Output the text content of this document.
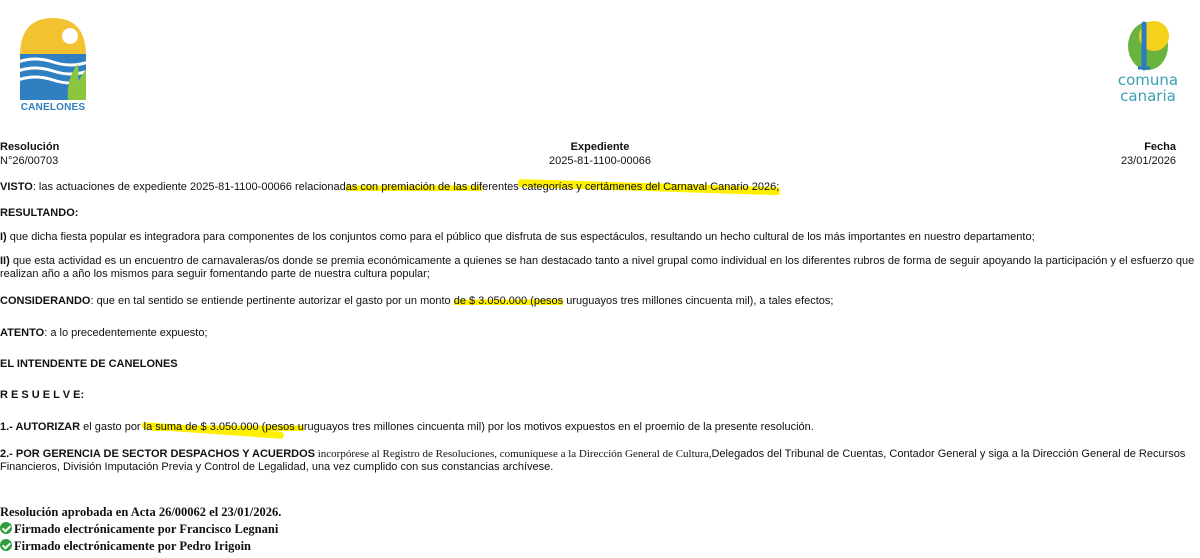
CANELONES
comuna
canaria
Resolución
N°26/00703
Expediente
2025-81-1100-00066
Fecha
23/01/2026

VISTO: las actuaciones de expediente 2025-81-1100-00066 relacionadas con premiación de las diferentes categorías y certámenes del Carnaval Canario 2026;

RESULTANDO:

I) que dicha fiesta popular es integradora para componentes de los conjuntos como para el público que disfruta de sus espectáculos, resultando un hecho cultural de los más importantes en nuestro departamento;

II) que esta actividad es un encuentro de carnavaleras/os donde se premia económicamente a quienes se han destacado tanto a nivel grupal como individual en los diferentes rubros de forma de seguir apoyando la participación y el esfuerzo que realizan año a año los mismos para seguir fomentando parte de nuestra cultura popular;

CONSIDERANDO: que en tal sentido se entiende pertinente autorizar el gasto por un monto de $ 3.050.000 (pesos uruguayos tres millones cincuenta mil), a tales efectos;

ATENTO: a lo precedentemente expuesto;

EL INTENDENTE DE CANELONES

R E S U E L V E:

1.- AUTORIZAR el gasto por la suma de $ 3.050.000 (pesos uruguayos tres millones cincuenta mil) por los motivos expuestos en el proemio de la presente resolución.

2.- POR GERENCIA DE SECTOR DESPACHOS Y ACUERDOS incorpórese al Registro de Resoluciones, comuníquese a la Dirección General de Cultura,Delegados del Tribunal de Cuentas, Contador General y siga a la Dirección General de Recursos Financieros, División Imputación Previa y Control de Legalidad, una vez cumplido con sus constancias archívese.

Resolución aprobada en Acta 26/00062 el 23/01/2026.
Firmado electrónicamente por Francisco Legnani
Firmado electrónicamente por Pedro Irigoin
